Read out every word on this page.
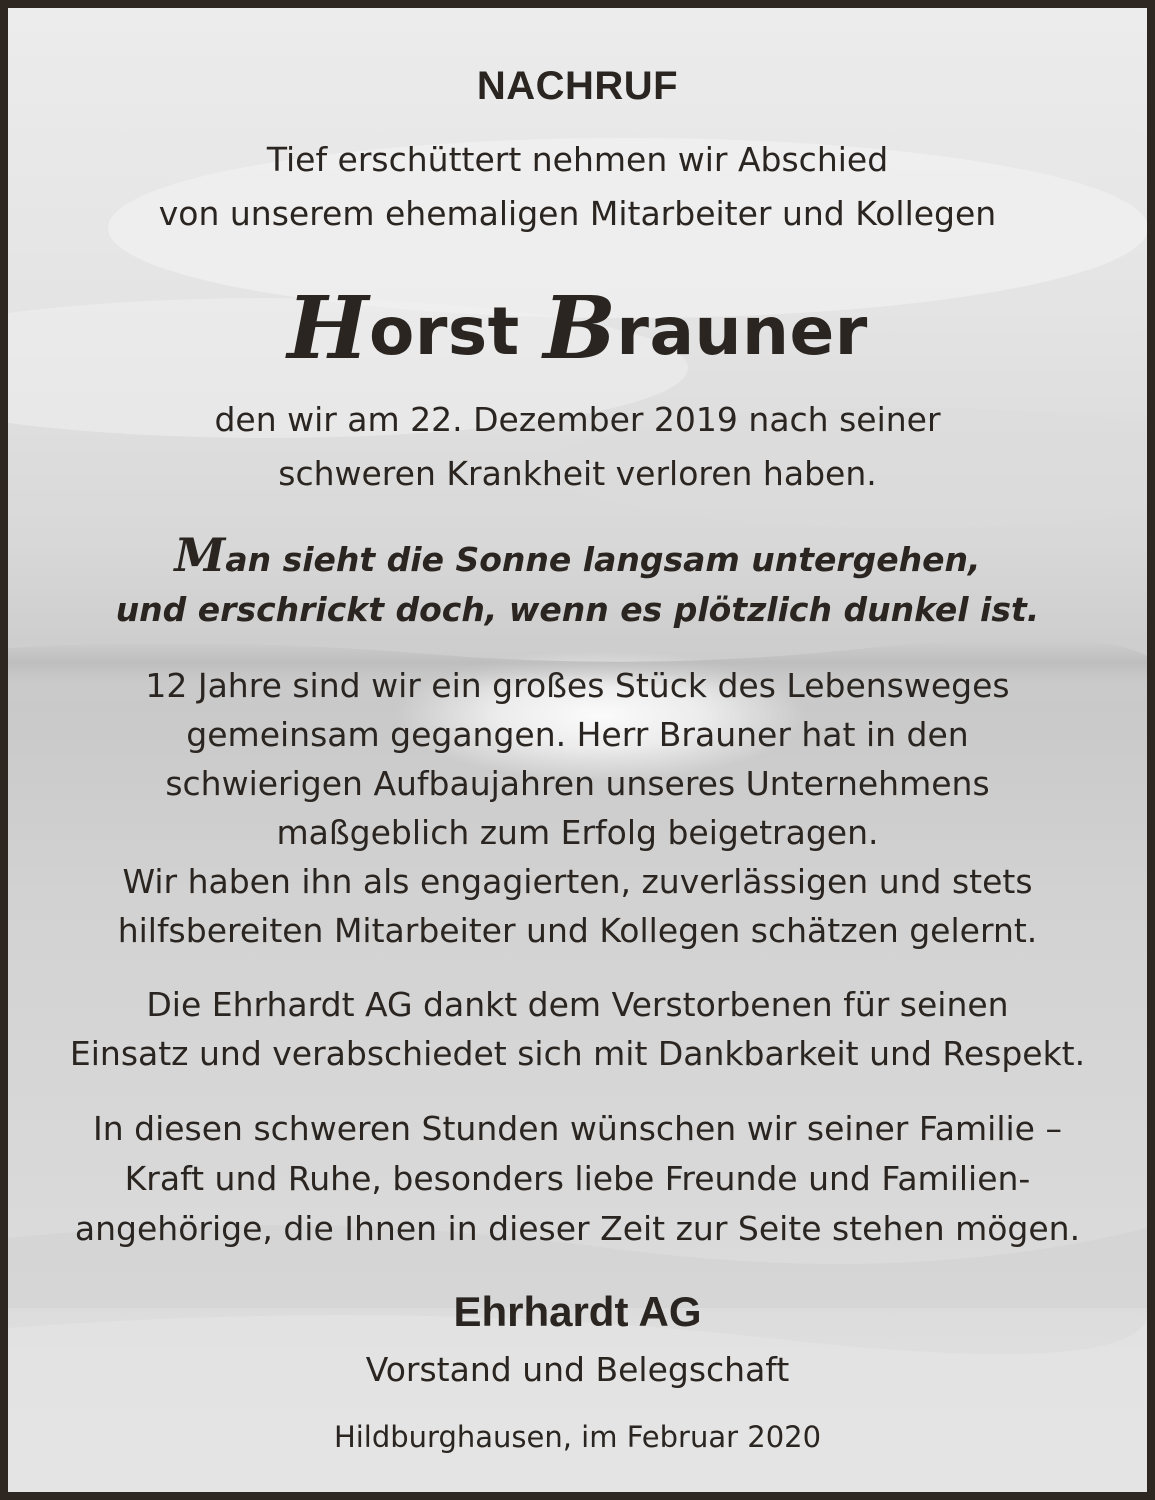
NACHRUF

Tief erschüttert nehmen wir Abschied

von unserem ehemaligen Mitarbeiter und Kollegen

Horst Brauner

den wir am 22. Dezember 2019 nach seiner

schweren Krankheit verloren haben.

Man sieht die Sonne langsam untergehen,

und erschrickt doch, wenn es plötzlich dunkel ist.

12 Jahre sind wir ein großes Stück des Lebensweges

gemeinsam gegangen. Herr Brauner hat in den

schwierigen Aufbaujahren unseres Unternehmens

maßgeblich zum Erfolg beigetragen.

Wir haben ihn als engagierten, zuverlässigen und stets

hilfsbereiten Mitarbeiter und Kollegen schätzen gelernt.

Die Ehrhardt AG dankt dem Verstorbenen für seinen

Einsatz und verabschiedet sich mit Dankbarkeit und Respekt.

In diesen schweren Stunden wünschen wir seiner Familie –

Kraft und Ruhe, besonders liebe Freunde und Familien-

angehörige, die Ihnen in dieser Zeit zur Seite stehen mögen.

Ehrhardt AG

Vorstand und Belegschaft

Hildburghausen, im Februar 2020
